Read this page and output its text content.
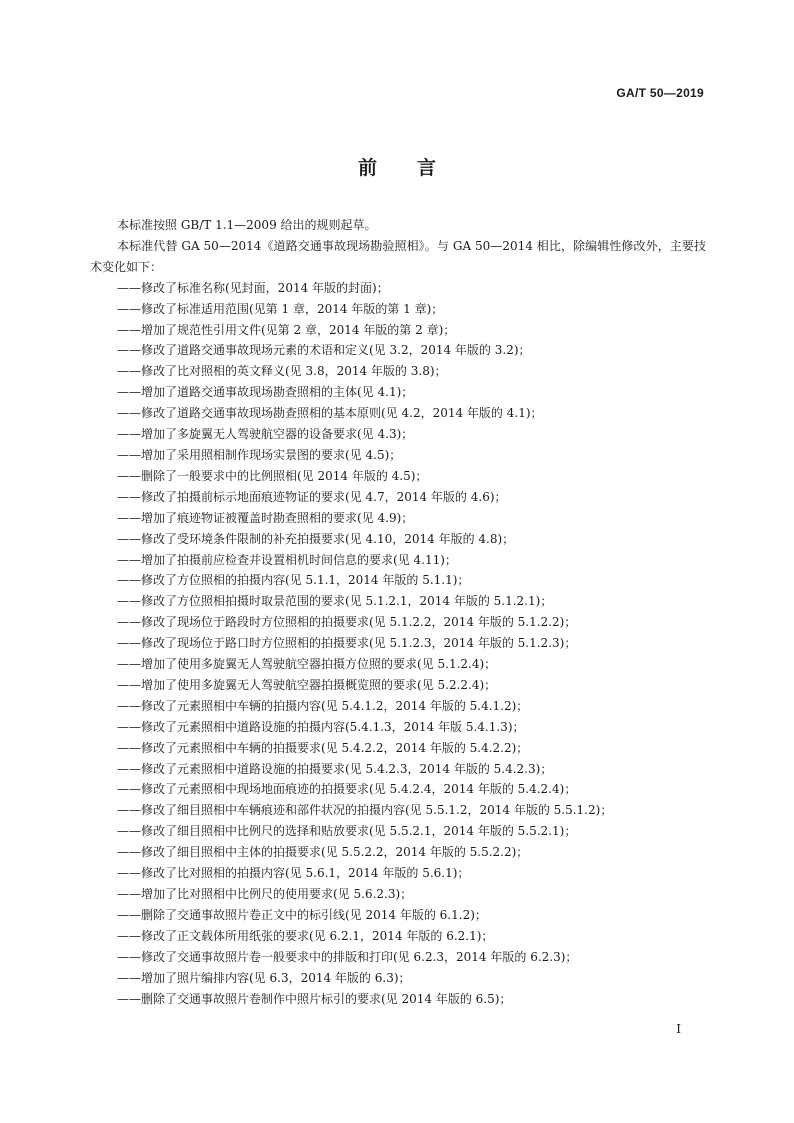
GA/T 50—2019
前言

本标准按照 GB/T 1.1—2009 给出的规则起草。

本标准代替 GA 50—2014《道路交通事故现场勘验照相》。与 GA 50—2014 相比，除编辑性修改外，主要技术变化如下：

——修改了标准名称(见封面，2014 年版的封面)；
——修改了标准适用范围(见第 1 章，2014 年版的第 1 章)；
——增加了规范性引用文件(见第 2 章，2014 年版的第 2 章)；
——修改了道路交通事故现场元素的术语和定义(见 3.2，2014 年版的 3.2)；
——修改了比对照相的英文释义(见 3.8，2014 年版的 3.8)；
——增加了道路交通事故现场勘查照相的主体(见 4.1)；
——修改了道路交通事故现场勘查照相的基本原则(见 4.2，2014 年版的 4.1)；
——增加了多旋翼无人驾驶航空器的设备要求(见 4.3)；
——增加了采用照相制作现场实景图的要求(见 4.5)；
——删除了一般要求中的比例照相(见 2014 年版的 4.5)；
——修改了拍摄前标示地面痕迹物证的要求(见 4.7，2014 年版的 4.6)；
——增加了痕迹物证被覆盖时勘查照相的要求(见 4.9)；
——修改了受环境条件限制的补充拍摄要求(见 4.10，2014 年版的 4.8)；
——增加了拍摄前应检查并设置相机时间信息的要求(见 4.11)；
——修改了方位照相的拍摄内容(见 5.1.1，2014 年版的 5.1.1)；
——修改了方位照相拍摄时取景范围的要求(见 5.1.2.1，2014 年版的 5.1.2.1)；
——修改了现场位于路段时方位照相的拍摄要求(见 5.1.2.2，2014 年版的 5.1.2.2)；
——修改了现场位于路口时方位照相的拍摄要求(见 5.1.2.3，2014 年版的 5.1.2.3)；
——增加了使用多旋翼无人驾驶航空器拍摄方位照的要求(见 5.1.2.4)；
——增加了使用多旋翼无人驾驶航空器拍摄概览照的要求(见 5.2.2.4)；
——修改了元素照相中车辆的拍摄内容(见 5.4.1.2，2014 年版的 5.4.1.2)；
——修改了元素照相中道路设施的拍摄内容(5.4.1.3，2014 年版 5.4.1.3)；
——修改了元素照相中车辆的拍摄要求(见 5.4.2.2，2014 年版的 5.4.2.2)；
——修改了元素照相中道路设施的拍摄要求(见 5.4.2.3，2014 年版的 5.4.2.3)；
——修改了元素照相中现场地面痕迹的拍摄要求(见 5.4.2.4，2014 年版的 5.4.2.4)；
——修改了细目照相中车辆痕迹和部件状况的拍摄内容(见 5.5.1.2，2014 年版的 5.5.1.2)；
——修改了细目照相中比例尺的选择和贴放要求(见 5.5.2.1，2014 年版的 5.5.2.1)；
——修改了细目照相中主体的拍摄要求(见 5.5.2.2，2014 年版的 5.5.2.2)；
——修改了比对照相的拍摄内容(见 5.6.1，2014 年版的 5.6.1)；
——增加了比对照相中比例尺的使用要求(见 5.6.2.3)；
——删除了交通事故照片卷正文中的标引线(见 2014 年版的 6.1.2)；
——修改了正文载体所用纸张的要求(见 6.2.1，2014 年版的 6.2.1)；
——修改了交通事故照片卷一般要求中的排版和打印(见 6.2.3，2014 年版的 6.2.3)；
——增加了照片编排内容(见 6.3，2014 年版的 6.3)；
——删除了交通事故照片卷制作中照片标引的要求(见 2014 年版的 6.5)；
I
